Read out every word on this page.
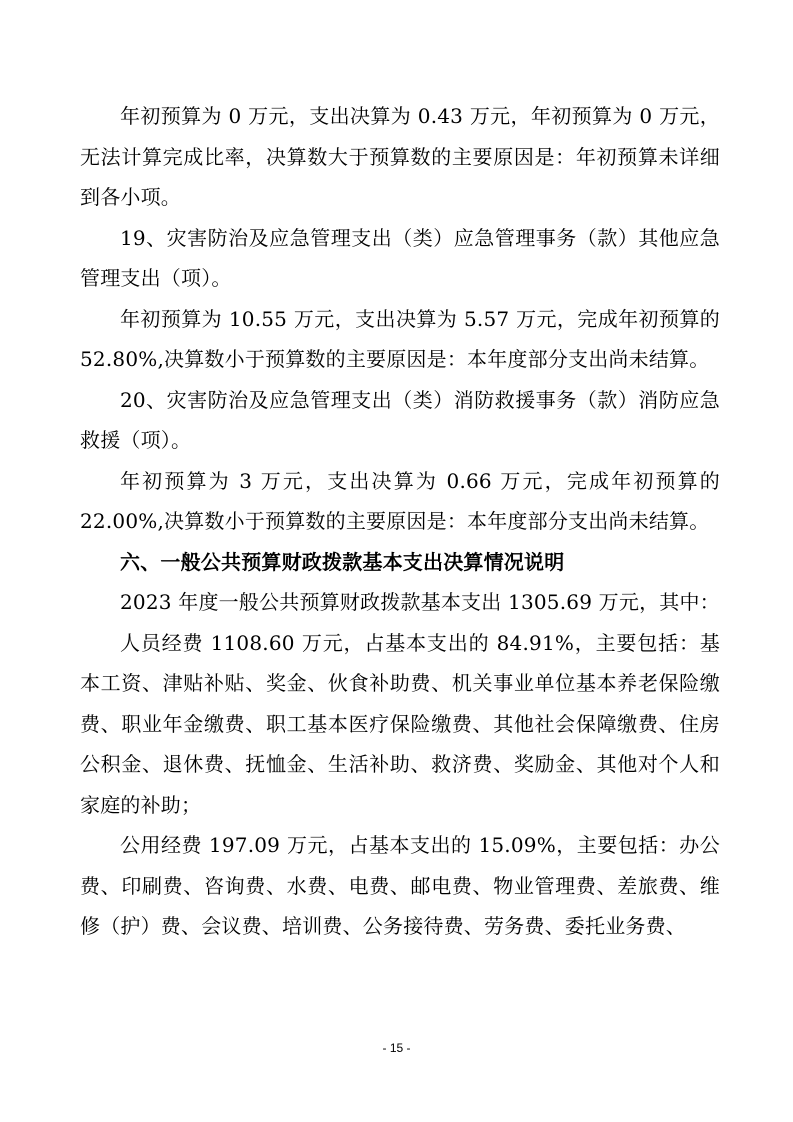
年初预算为 0 万元，支出决算为 0.43 万元，年初预算为 0 万元，无法计算完成比率，决算数大于预算数的主要原因是：年初预算未详细到各小项。

19、灾害防治及应急管理支出（类）应急管理事务（款）其他应急管理支出（项）。

年初预算为 10.55 万元，支出决算为 5.57 万元，完成年初预算的 52.80%,决算数小于预算数的主要原因是：本年度部分支出尚未结算。

20、灾害防治及应急管理支出（类）消防救援事务（款）消防应急救援（项）。

年初预算为 3 万元，支出决算为 0.66 万元，完成年初预算的 22.00%,决算数小于预算数的主要原因是：本年度部分支出尚未结算。

六、一般公共预算财政拨款基本支出决算情况说明

2023 年度一般公共预算财政拨款基本支出 1305.69 万元，其中：

人员经费 1108.60 万元，占基本支出的 84.91%，主要包括：基本工资、津贴补贴、奖金、伙食补助费、机关事业单位基本养老保险缴费、职业年金缴费、职工基本医疗保险缴费、其他社会保障缴费、住房公积金、退休费、抚恤金、生活补助、救济费、奖励金、其他对个人和家庭的补助；

公用经费 197.09 万元，占基本支出的 15.09%，主要包括：办公费、印刷费、咨询费、水费、电费、邮电费、物业管理费、差旅费、维修（护）费、会议费、培训费、公务接待费、劳务费、委托业务费、

- 15 -
